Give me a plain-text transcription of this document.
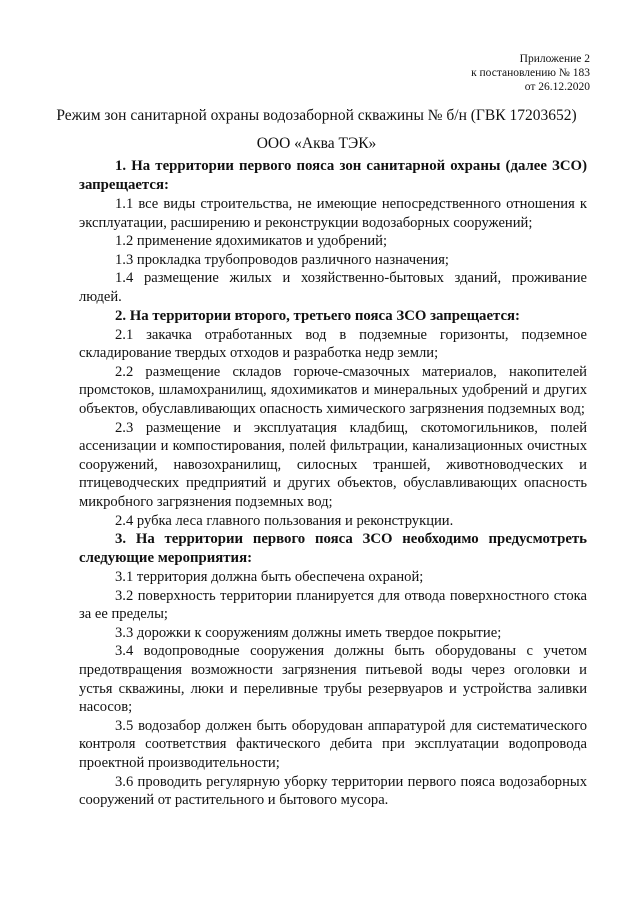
Приложение 2
к постановлению № 183
от 26.12.2020
Режим зон санитарной охраны водозаборной скважины № б/н (ГВК 17203652)
ООО «Аква ТЭК»

1. На территории первого пояса зон санитарной охраны (далее ЗСО) запрещается:

1.1 все виды строительства, не имеющие непосредственного отношения к эксплуатации, расширению и реконструкции водозаборных сооружений;

1.2 применение ядохимикатов и удобрений;

1.3 прокладка трубопроводов различного назначения;

1.4 размещение жилых и хозяйственно-бытовых зданий, проживание людей.

2. На территории второго, третьего пояса ЗСО запрещается:

2.1 закачка отработанных вод в подземные горизонты, подземное складирование твердых отходов и разработка недр земли;

2.2 размещение складов горюче-смазочных материалов, накопителей промстоков, шламохранилищ, ядохимикатов и минеральных удобрений и других объектов, обуславливающих опасность химического загрязнения подземных вод;

2.3 размещение и эксплуатация кладбищ, скотомогильников, полей ассенизации и компостирования, полей фильтрации, канализационных очистных сооружений, навозохранилищ, силосных траншей, животноводческих и птицеводческих предприятий и других объектов, обуславливающих опасность микробного загрязнения подземных вод;

2.4 рубка леса главного пользования и реконструкции.

3. На территории первого пояса ЗСО необходимо предусмотреть следующие мероприятия:

3.1 территория должна быть обеспечена охраной;

3.2 поверхность территории планируется для отвода поверхностного стока за ее пределы;

3.3 дорожки к сооружениям должны иметь твердое покрытие;

3.4 водопроводные сооружения должны быть оборудованы с учетом предотвращения возможности загрязнения питьевой воды через оголовки и устья скважины, люки и переливные трубы резервуаров и устройства заливки насосов;

3.5 водозабор должен быть оборудован аппаратурой для систематического контроля соответствия фактического дебита при эксплуатации водопровода проектной производительности;

3.6 проводить регулярную уборку территории первого пояса водозаборных сооружений от растительного и бытового мусора.
